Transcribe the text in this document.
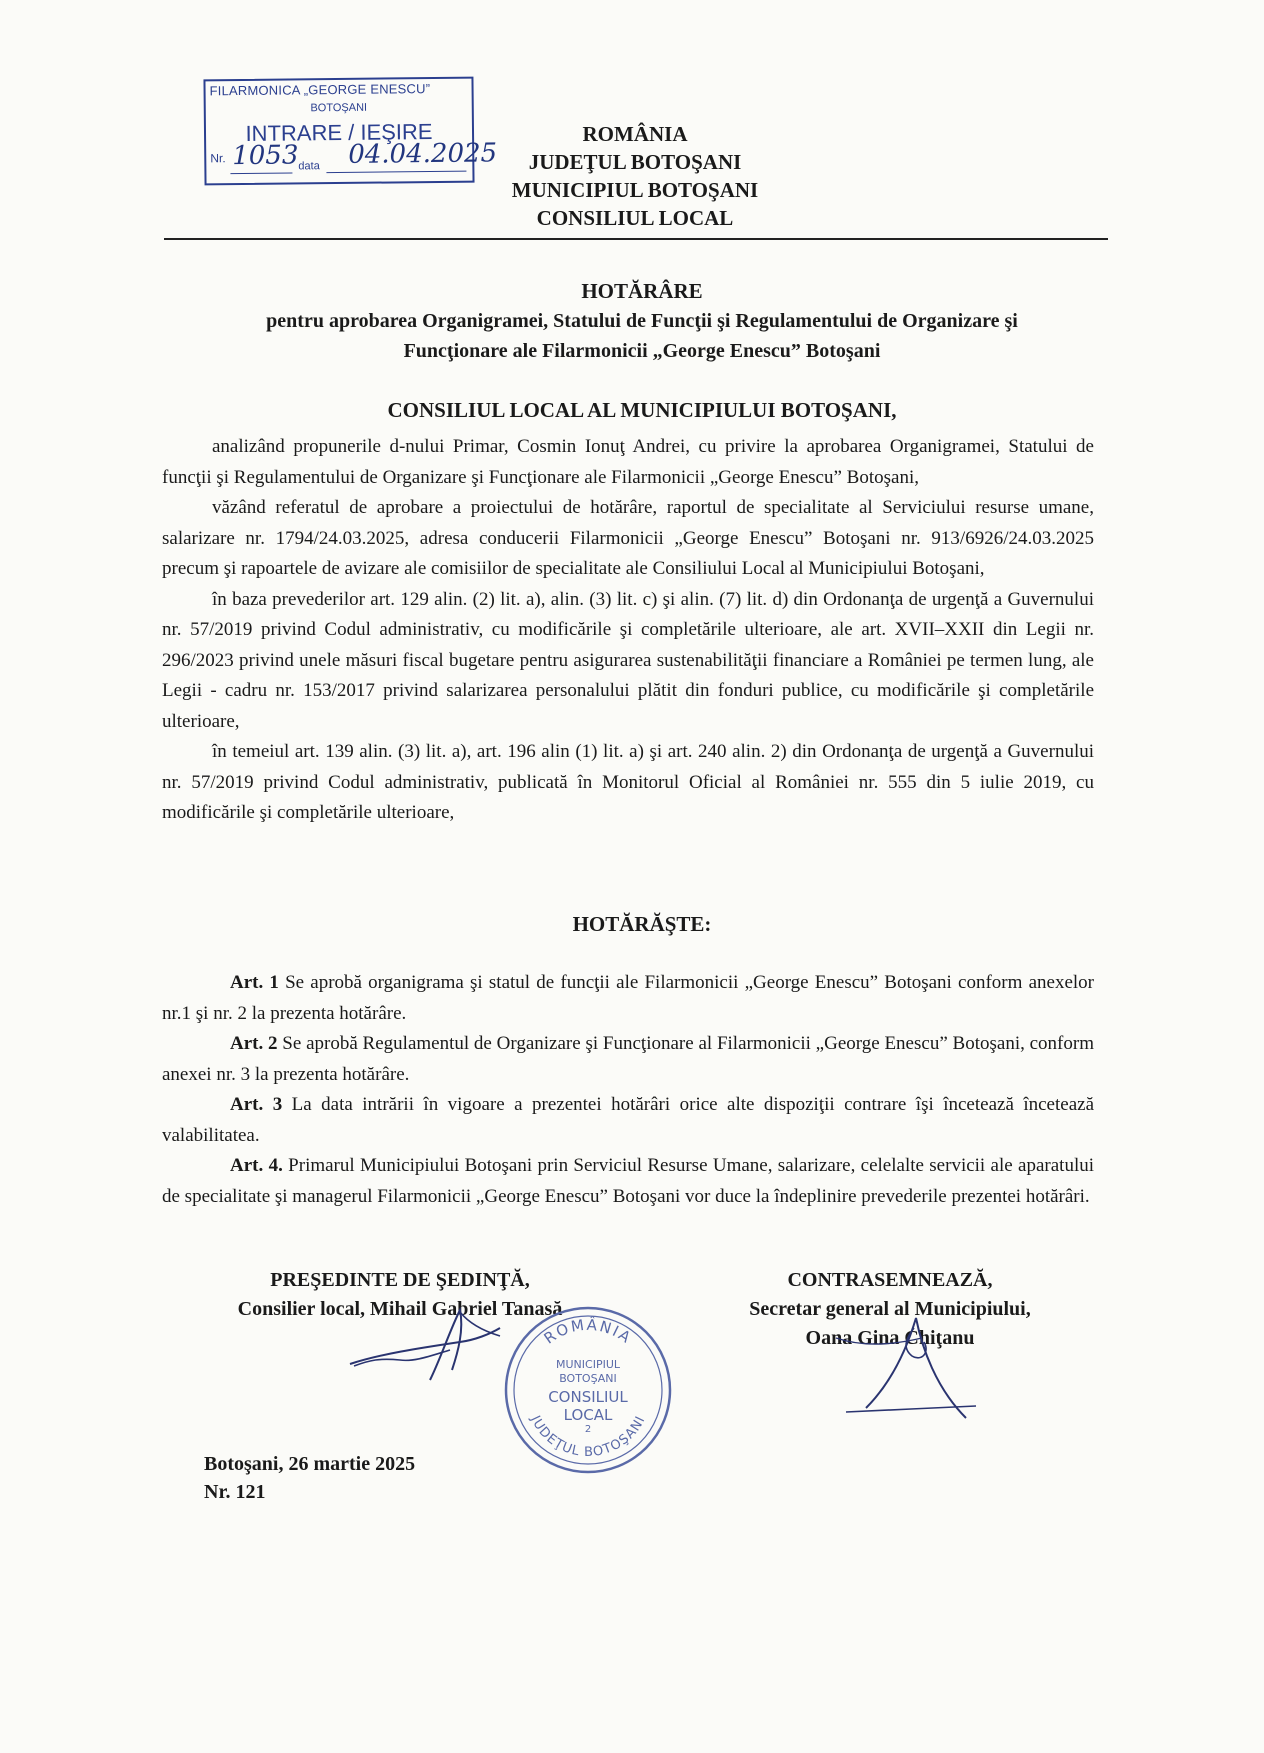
FILARMONICA „GEORGE ENESCU”
BOTOŞANI
INTRARE / IEŞIRE
Nr. 1053 data 04.04.2025
ROMÂNIA
JUDEŢUL BOTOŞANI
MUNICIPIUL BOTOŞANI
CONSILIUL LOCAL
HOTĂRÂRE
pentru aprobarea Organigramei, Statului de Funcţii şi Regulamentului de Organizare şi
Funcţionare ale Filarmonicii „George Enescu” Botoşani
CONSILIUL LOCAL AL MUNICIPIULUI BOTOŞANI,

analizând propunerile d-nului Primar, Cosmin Ionuţ Andrei, cu privire la aprobarea Organigramei, Statului de funcţii şi Regulamentului de Organizare şi Funcţionare ale Filarmonicii „George Enescu” Botoşani,

văzând referatul de aprobare a proiectului de hotărâre, raportul de specialitate al Serviciului resurse umane, salarizare nr. 1794/24.03.2025, adresa conducerii Filarmonicii „George Enescu” Botoşani nr. 913/6926/24.03.2025 precum şi rapoartele de avizare ale comisiilor de specialitate ale Consiliului Local al Municipiului Botoşani,

în baza prevederilor art. 129 alin. (2) lit. a), alin. (3) lit. c) şi alin. (7) lit. d) din Ordonanţa de urgenţă a Guvernului nr. 57/2019 privind Codul administrativ, cu modificările şi completările ulterioare, ale art. XVII–XXII din Legii nr. 296/2023 privind unele măsuri fiscal bugetare pentru asigurarea sustenabilităţii financiare a României pe termen lung, ale Legii - cadru nr. 153/2017 privind salarizarea personalului plătit din fonduri publice, cu modificările şi completările ulterioare,

în temeiul art. 139 alin. (3) lit. a), art. 196 alin (1) lit. a) şi art. 240 alin. 2) din Ordonanţa de urgenţă a Guvernului nr. 57/2019 privind Codul administrativ, publicată în Monitorul Oficial al României nr. 555 din 5 iulie 2019, cu modificările şi completările ulterioare,

HOTĂRĂŞTE:

Art. 1 Se aprobă organigrama şi statul de funcţii ale Filarmonicii „George Enescu” Botoşani conform anexelor nr.1 şi nr. 2 la prezenta hotărâre.

Art. 2 Se aprobă Regulamentul de Organizare şi Funcţionare al Filarmonicii „George Enescu” Botoşani, conform anexei nr. 3 la prezenta hotărâre.

Art. 3 La data intrării în vigoare a prezentei hotărâri orice alte dispoziţii contrare îşi încetează încetează valabilitatea.

Art. 4. Primarul Municipiului Botoşani prin Serviciul Resurse Umane, salarizare, celelalte servicii ale aparatului de specialitate şi managerul Filarmonicii „George Enescu” Botoşani vor duce la îndeplinire prevederile prezentei hotărâri.

PREŞEDINTE DE ŞEDINŢĂ,
Consilier local, Mihail Gabriel Tanasă
CONTRASEMNEAZĂ,
Secretar general al Municipiului,
Oana Gina Chiţanu
ROMÂNIA
JUDEŢUL BOTOŞANI
MUNICIPIUL
BOTOŞANI
CONSILIUL
LOCAL
2
Botoşani, 26 martie 2025
Nr. 121
